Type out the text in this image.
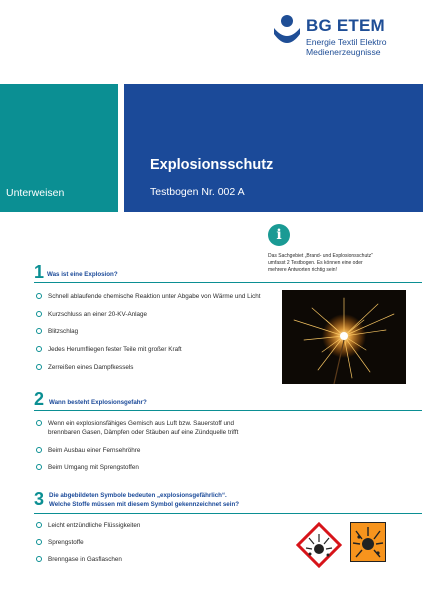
BG ETEM
Energie Textil Elektro
Medienerzeugnisse
Unterweisen
Explosionsschutz
Testbogen Nr. 002 A
i
Das Sachgebiet „Brand- und Explosionsschutz“
umfasst 2 Testbogen. Es können eine oder
mehrere Antworten richtig sein!
1 Was ist eine Explosion?
Schnell ablaufende chemische Reaktion unter Abgabe von Wärme und Licht
Kurzschluss an einer 20-KV-Anlage
Blitzschlag
Jedes Herumfliegen fester Teile mit großer Kraft
Zerreißen eines Dampfkessels
2 Wann besteht Explosionsgefahr?
Wenn ein explosionsfähiges Gemisch aus Luft bzw. Sauerstoff und
brennbaren Gasen, Dämpfen oder Stäuben auf eine Zündquelle trifft
Beim Ausbau einer Fernsehröhre
Beim Umgang mit Sprengstoffen
3 Die abgebildeten Symbole bedeuten „explosionsgefährlich“.
Welche Stoffe müssen mit diesem Symbol gekennzeichnet sein?
Leicht entzündliche Flüssigkeiten
Sprengstoffe
Brenngase in Gasflaschen
